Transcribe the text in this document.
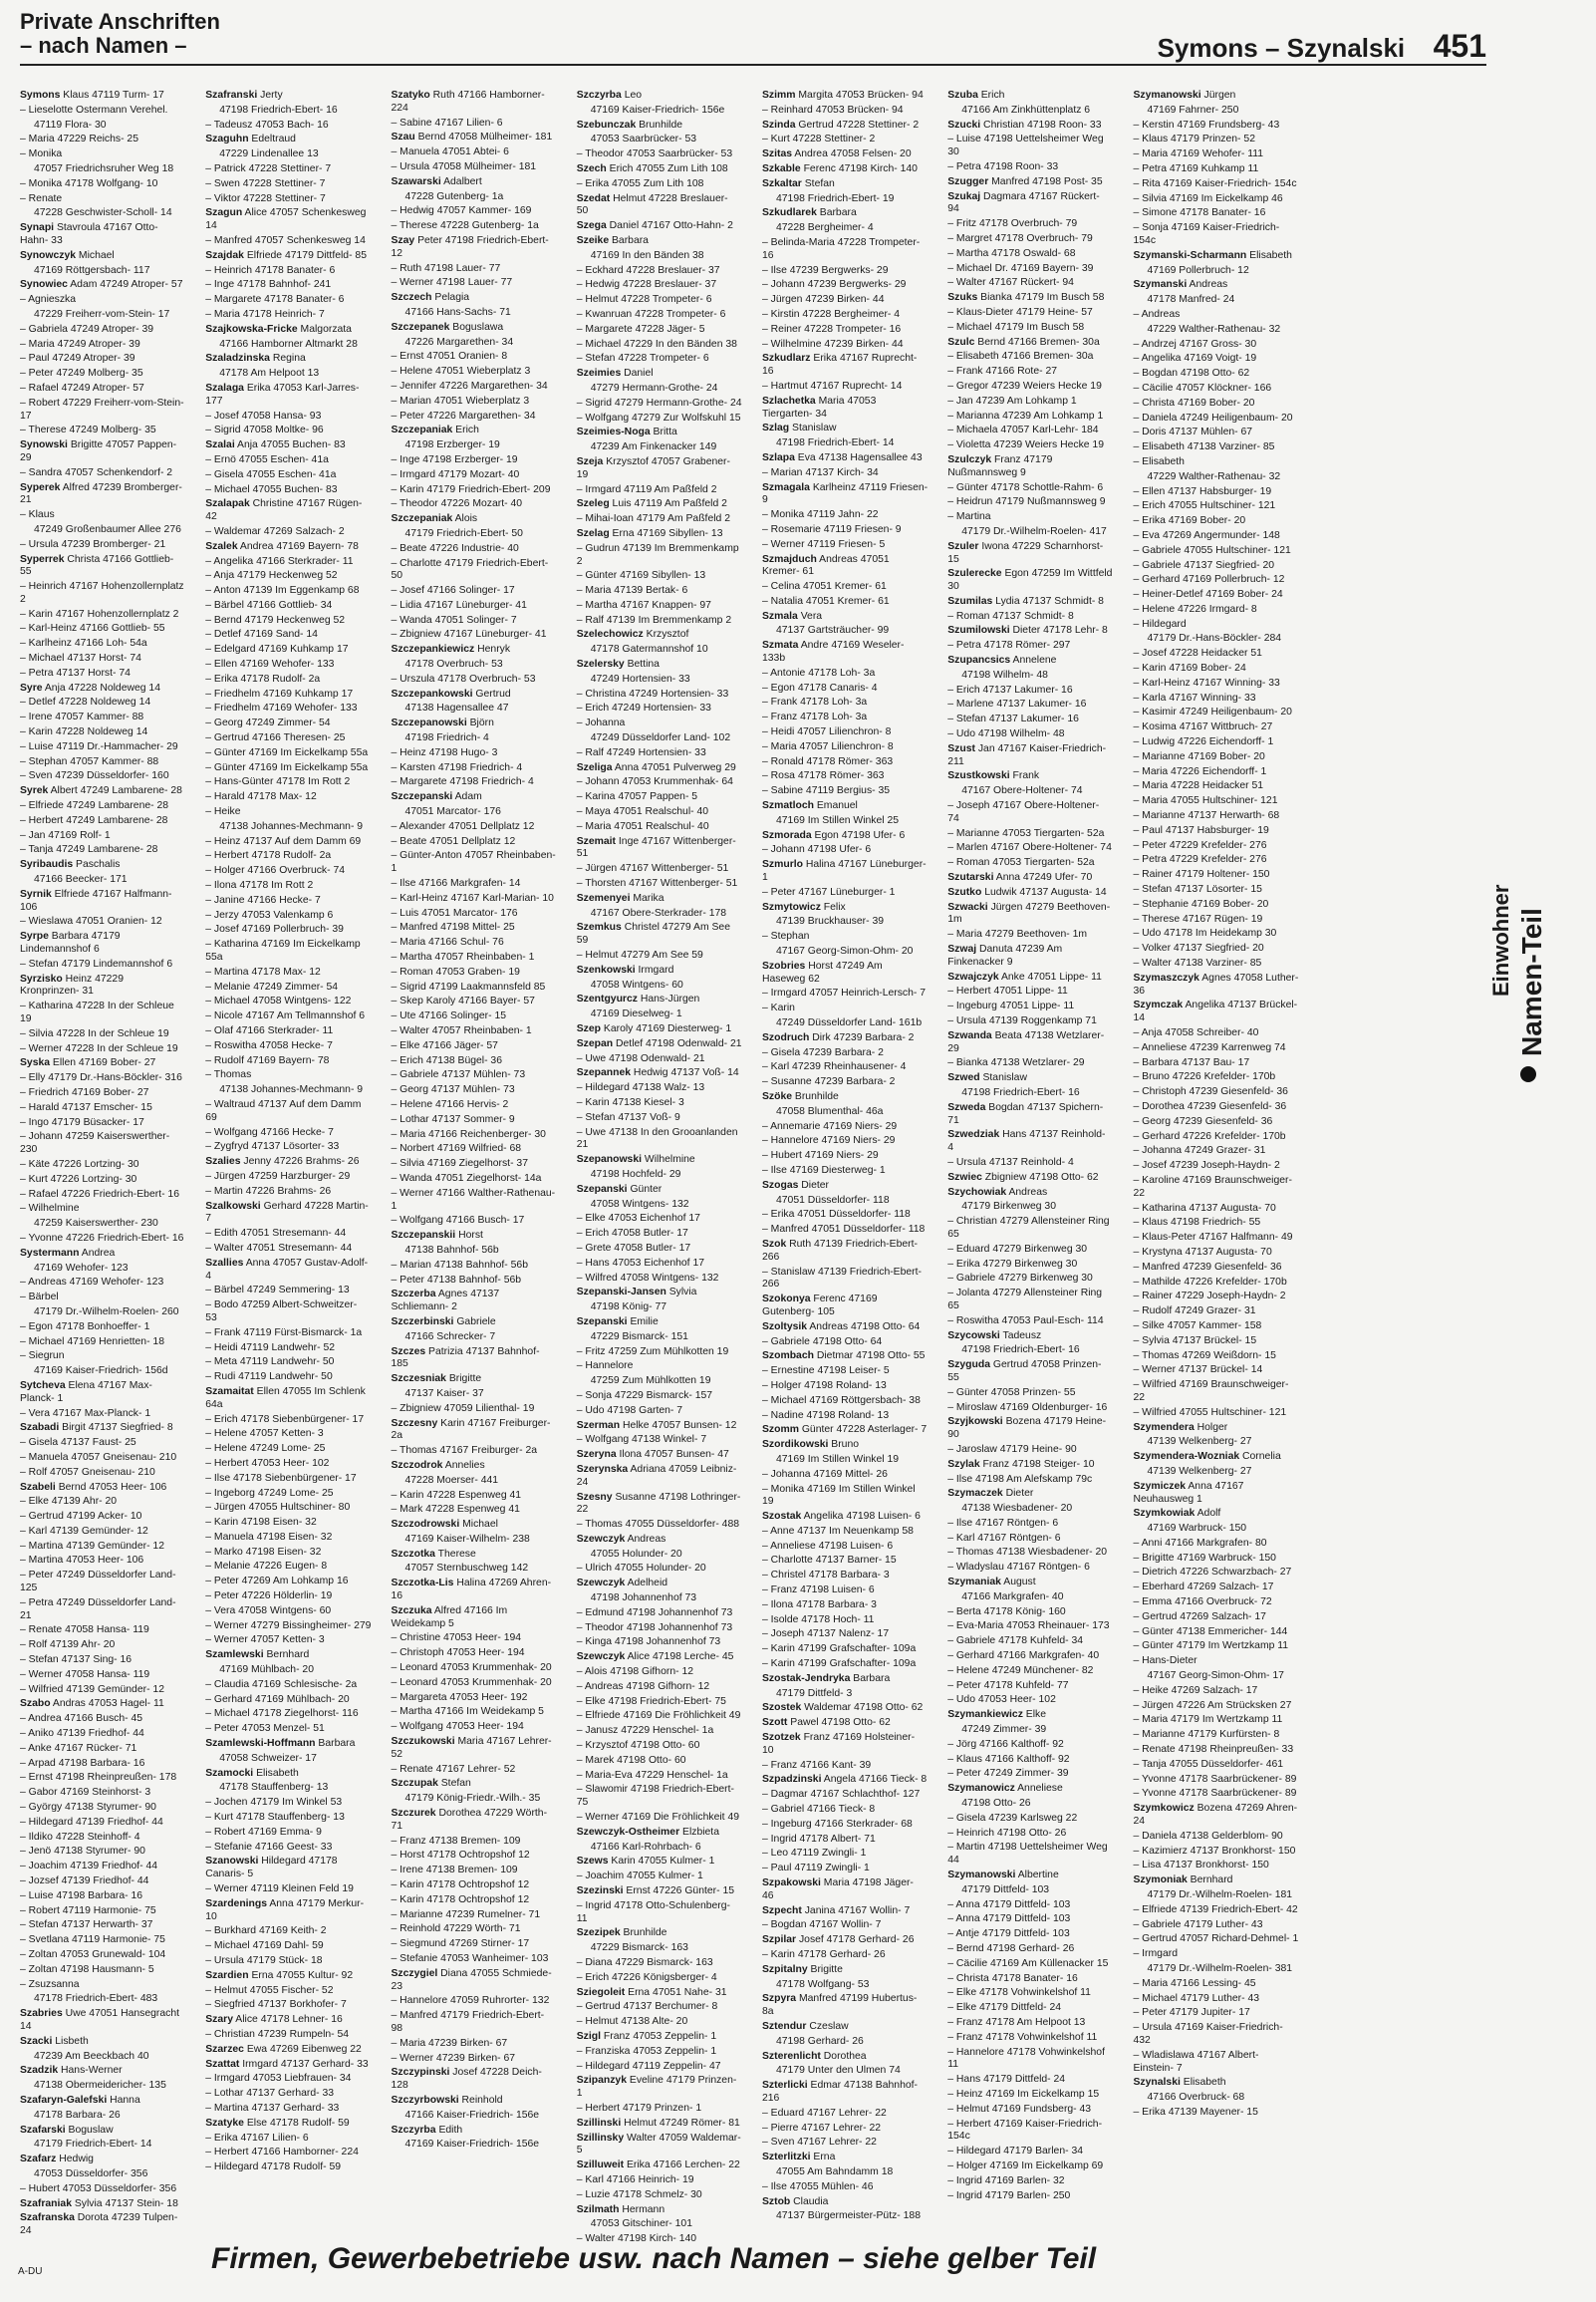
Private Anschriften
– nach Namen –	Symons – Szynalski 451
Symons Klaus 47119 Turm- 17
– Lieselotte Ostermann Verehel.
47119 Flora- 30
– Maria 47229 Reichs- 25
– Monika
47057 Friedrichsruher Weg 18
– Monika 47178 Wolfgang- 10
– Renate
47228 Geschwister-Scholl- 14
Synapi Stavroula 47167 Otto-Hahn- 33
Synowczyk Michael
47169 Röttgersbach- 117
Synowiec Adam 47249 Atroper- 57
– Agnieszka
47229 Freiherr-vom-Stein- 17
– Gabriela 47249 Atroper- 39
– Maria 47249 Atroper- 39
– Paul 47249 Atroper- 39
– Peter 47249 Molberg- 35
– Rafael 47249 Atroper- 57
– Robert 47229 Freiherr-vom-Stein- 17
– Therese 47249 Molberg- 35
Synowski Brigitte 47057 Pappen- 29
– Sandra 47057 Schenkendorf- 2
Syperek Alfred 47239 Bromberger- 21
– Klaus
47249 Großenbaumer Allee 276
– Ursula 47239 Bromberger- 21
Syperrek Christa 47166 Gottlieb- 55
– Heinrich 47167 Hohenzollernplatz 2
– Karin 47167 Hohenzollernplatz 2
– Karl-Heinz 47166 Gottlieb- 55
– Karlheinz 47166 Loh- 54a
– Michael 47137 Horst- 74
– Petra 47137 Horst- 74
Syre Anja 47228 Noldeweg 14
– Detlef 47228 Noldeweg 14
– Irene 47057 Kammer- 88
– Karin 47228 Noldeweg 14
– Luise 47119 Dr.-Hammacher- 29
– Stephan 47057 Kammer- 88
– Sven 47239 Düsseldorfer- 160
Syrek Albert 47249 Lambarene- 28
– Elfriede 47249 Lambarene- 28
– Herbert 47249 Lambarene- 28
– Jan 47169 Rolf- 1
– Tanja 47249 Lambarene- 28
Syribaudis Paschalis
47166 Beecker- 171
Syrnik Elfriede 47167 Halfmann- 106
– Wieslawa 47051 Oranien- 12
Syrpe Barbara 47179 Lindemannshof 6
– Stefan 47179 Lindemannshof 6
Syrzisko Heinz 47229 Kronprinzen- 31
– Katharina 47228 In der Schleue 19
– Silvia 47228 In der Schleue 19
– Werner 47228 In der Schleue 19
Syska Ellen 47169 Bober- 27
– Elly 47179 Dr.-Hans-Böckler- 316
– Friedrich 47169 Bober- 27
– Harald 47137 Emscher- 15
– Ingo 47179 Büsacker- 17
– Johann 47259 Kaiserswerther- 230
– Käte 47226 Lortzing- 30
– Kurt 47226 Lortzing- 30
– Rafael 47226 Friedrich-Ebert- 16
– Wilhelmine
47259 Kaiserswerther- 230
– Yvonne 47226 Friedrich-Ebert- 16
Systermann Andrea
47169 Wehofer- 123
– Andreas 47169 Wehofer- 123
– Bärbel
47179 Dr.-Wilhelm-Roelen- 260
– Egon 47178 Bonhoeffer- 1
– Michael 47169 Henrietten- 18
– Siegrun
47169 Kaiser-Friedrich- 156d
Sytcheva Elena 47167 Max-Planck- 1
– Vera 47167 Max-Planck- 1
Szabadi Birgit 47137 Siegfried- 8
– Gisela 47137 Faust- 25
– Manuela 47057 Gneisenau- 210
– Rolf 47057 Gneisenau- 210
Szabeli Bernd 47053 Heer- 106
– Elke 47139 Ahr- 20
– Gertrud 47199 Acker- 10
– Karl 47139 Gemünder- 12
– Martina 47139 Gemünder- 12
– Martina 47053 Heer- 106
– Peter 47249 Düsseldorfer Land- 125
– Petra 47249 Düsseldorfer Land- 21
– Renate 47058 Hansa- 119
– Rolf 47139 Ahr- 20
– Stefan 47137 Sing- 16
– Werner 47058 Hansa- 119
– Wilfried 47139 Gemünder- 12
Szabo Andras 47053 Hagel- 11
– Andrea 47166 Busch- 45
– Aniko 47139 Friedhof- 44
– Anke 47167 Rücker- 71
– Arpad 47198 Barbara- 16
– Ernst 47198 Rheinpreußen- 178
– Gabor 47169 Steinhorst- 3
– György 47138 Styrumer- 90
– Hildegard 47139 Friedhof- 44
– Ildiko 47228 Steinhoff- 4
– Jenö 47138 Styrumer- 90
– Joachim 47139 Friedhof- 44
– Jozsef 47139 Friedhof- 44
– Luise 47198 Barbara- 16
– Robert 47119 Harmonie- 75
– Stefan 47137 Herwarth- 37
– Svetlana 47119 Harmonie- 75
– Zoltan 47053 Grunewald- 104
– Zoltan 47198 Hausmann- 5
– Zsuzsanna
47178 Friedrich-Ebert- 483
Szabries Uwe 47051 Hansegracht 14
Szacki Lisbeth
47239 Am Beeckbach 40
Szadzik Hans-Werner
47138 Obermeidericher- 135
Szafaryn-Galefski Hanna
47178 Barbara- 26
Szafarski Boguslaw
47179 Friedrich-Ebert- 14
Szafarz Hedwig
47053 Düsseldorfer- 356
– Hubert 47053 Düsseldorfer- 356
Szafraniak Sylvia 47137 Stein- 18
Szafranska Dorota 47239 Tulpen- 24
Szafranski Jerty
47198 Friedrich-Ebert- 16
– Tadeusz 47053 Bach- 16
Szaguhn Edeltraud
47229 Lindenallee 13
– Patrick 47228 Stettiner- 7
– Swen 47228 Stettiner- 7
– Viktor 47228 Stettiner- 7
Szagun Alice 47057 Schenkesweg 14
– Manfred 47057 Schenkesweg 14
Szajdak Elfriede 47179 Dittfeld- 85
– Heinrich 47178 Banater- 6
– Inge 47178 Bahnhof- 241
– Margarete 47178 Banater- 6
– Maria 47178 Heinrich- 7
Szajkowska-Fricke Malgorzata
47166 Hamborner Altmarkt 28
Szaladzinska Regina
47178 Am Helpoot 13
Szalaga Erika 47053 Karl-Jarres- 177
– Josef 47058 Hansa- 93
– Sigrid 47058 Moltke- 96
Szalai Anja 47055 Buchen- 83
– Ernö 47055 Eschen- 41a
– Gisela 47055 Eschen- 41a
– Michael 47055 Buchen- 83
Szalapak Christine 47167 Rügen- 42
– Waldemar 47269 Salzach- 2
Szalek Andrea 47169 Bayern- 78
– Angelika 47166 Sterkrader- 11
– Anja 47179 Heckenweg 52
– Anton 47139 Im Eggenkamp 68
– Bärbel 47166 Gottlieb- 34
– Bernd 47179 Heckenweg 52
– Detlef 47169 Sand- 14
– Edelgard 47169 Kuhkamp 17
– Ellen 47169 Wehofer- 133
– Erika 47178 Rudolf- 2a
– Friedhelm 47169 Kuhkamp 17
– Friedhelm 47169 Wehofer- 133
– Georg 47249 Zimmer- 54
– Gertrud 47166 Theresen- 25
– Günter 47169 Im Eickelkamp 55a
– Günter 47169 Im Eickelkamp 55a
– Hans-Günter 47178 Im Rott 2
– Harald 47178 Max- 12
– Heike
47138 Johannes-Mechmann- 9
– Heinz 47137 Auf dem Damm 69
– Herbert 47178 Rudolf- 2a
– Holger 47166 Overbruck- 74
– Ilona 47178 Im Rott 2
– Janine 47166 Hecke- 7
– Jerzy 47053 Valenkamp 6
– Josef 47169 Pollerbruch- 39
– Katharina 47169 Im Eickelkamp 55a
– Martina 47178 Max- 12
– Melanie 47249 Zimmer- 54
– Michael 47058 Wintgens- 122
– Nicole 47167 Am Tellmannshof 6
– Olaf 47166 Sterkrader- 11
– Roswitha 47058 Hecke- 7
– Rudolf 47169 Bayern- 78
– Thomas
47138 Johannes-Mechmann- 9
– Waltraud 47137 Auf dem Damm 69
– Wolfgang 47166 Hecke- 7
– Zygfryd 47137 Lösorter- 33
Szalies Jenny 47226 Brahms- 26
– Jürgen 47259 Harzburger- 29
– Martin 47226 Brahms- 26
Szalkowski Gerhard 47228 Martin- 7
– Edith 47051 Stresemann- 44
– Walter 47051 Stresemann- 44
Szallies Anna 47057 Gustav-Adolf- 4
– Bärbel 47249 Semmering- 13
– Bodo 47259 Albert-Schweitzer- 53
– Frank 47119 Fürst-Bismarck- 1a
– Heidi 47119 Landwehr- 52
– Meta 47119 Landwehr- 50
– Rudi 47119 Landwehr- 50
Szamaitat Ellen 47055 Im Schlenk 64a
– Erich 47178 Siebenbürgener- 17
– Helene 47057 Ketten- 3
– Helene 47249 Lome- 25
– Herbert 47053 Heer- 102
– Ilse 47178 Siebenbürgener- 17
– Ingeborg 47249 Lome- 25
– Jürgen 47055 Hultschiner- 80
– Karin 47198 Eisen- 32
– Manuela 47198 Eisen- 32
– Marko 47198 Eisen- 32
– Melanie 47226 Eugen- 8
– Peter 47269 Am Lohkamp 16
– Peter 47226 Hölderlin- 19
– Vera 47058 Wintgens- 60
– Werner 47279 Bissingheimer- 279
– Werner 47057 Ketten- 3
Szamlewski Bernhard
47169 Mühlbach- 20
– Claudia 47169 Schlesische- 2a
– Gerhard 47169 Mühlbach- 20
– Michael 47178 Ziegelhorst- 116
– Peter 47053 Menzel- 51
Szamlewski-Hoffmann Barbara
47058 Schweizer- 17
Szamocki Elisabeth
47178 Stauffenberg- 13
– Jochen 47179 Im Winkel 53
– Kurt 47178 Stauffenberg- 13
– Robert 47169 Emma- 9
– Stefanie 47166 Geest- 33
Szanowski Hildegard 47178 Canaris- 5
– Werner 47119 Kleinen Feld 19
Szardenings Anna 47179 Merkur- 10
– Burkhard 47169 Keith- 2
– Michael 47169 Dahl- 59
– Ursula 47179 Stück- 18
Szardien Erna 47055 Kultur- 92
– Helmut 47055 Fischer- 52
– Siegfried 47137 Borkhofer- 7
Szary Alice 47178 Lehner- 16
– Christian 47239 Rumpeln- 54
Szarzec Ewa 47269 Eibenweg 22
Szattat Irmgard 47137 Gerhard- 33
– Irmgard 47053 Liebfrauen- 34
– Lothar 47137 Gerhard- 33
– Martina 47137 Gerhard- 33
Szatyke Else 47178 Rudolf- 59
– Erika 47167 Lilien- 6
– Herbert 47166 Hamborner- 224
– Hildegard 47178 Rudolf- 59
Szatyko Ruth 47166 Hamborner- 224
– Sabine 47167 Lilien- 6
Szau Bernd 47058 Mülheimer- 181
– Manuela 47051 Abtei- 6
– Ursula 47058 Mülheimer- 181
Szawarski Adalbert
47228 Gutenberg- 1a
– Hedwig 47057 Kammer- 169
– Therese 47228 Gutenberg- 1a
Szay Peter 47198 Friedrich-Ebert- 12
– Ruth 47198 Lauer- 77
– Werner 47198 Lauer- 77
Szczech Pelagia
47166 Hans-Sachs- 71
Szczepanek Boguslawa
47226 Margarethen- 34
– Ernst 47051 Oranien- 8
– Helene 47051 Wieberplatz 3
– Jennifer 47226 Margarethen- 34
– Marian 47051 Wieberplatz 3
– Peter 47226 Margarethen- 34
Szczepaniak Erich
47198 Erzberger- 19
– Inge 47198 Erzberger- 19
– Irmgard 47179 Mozart- 40
– Karin 47179 Friedrich-Ebert- 209
– Theodor 47226 Mozart- 40
Szczepaniak Alois
47179 Friedrich-Ebert- 50
– Beate 47226 Industrie- 40
– Charlotte 47179 Friedrich-Ebert- 50
– Josef 47166 Solinger- 17
– Lidia 47167 Lüneburger- 41
– Wanda 47051 Solinger- 7
– Zbigniew 47167 Lüneburger- 41
Szczepankiewicz Henryk
47178 Overbruch- 53
– Urszula 47178 Overbruch- 53
Szczepankowski Gertrud
47138 Hagensallee 47
Szczepanowski Björn
47198 Friedrich- 4
– Heinz 47198 Hugo- 3
– Karsten 47198 Friedrich- 4
– Margarete 47198 Friedrich- 4
Szczepanski Adam
47051 Marcator- 176
– Alexander 47051 Dellplatz 12
– Beate 47051 Dellplatz 12
– Günter-Anton 47057 Rheinbaben- 1
– Ilse 47166 Markgrafen- 14
– Karl-Heinz 47167 Karl-Marian- 10
– Luis 47051 Marcator- 176
– Manfred 47198 Mittel- 25
– Maria 47166 Schul- 76
– Martha 47057 Rheinbaben- 1
– Roman 47053 Graben- 19
– Sigrid 47199 Laakmannsfeld 85
– Skep Karoly 47166 Bayer- 57
– Ute 47166 Solinger- 15
– Walter 47057 Rheinbaben- 1
– Elke 47166 Jäger- 57
– Erich 47138 Bügel- 36
– Gabriele 47137 Mühlen- 73
– Georg 47137 Mühlen- 73
– Helene 47166 Hervis- 2
– Lothar 47137 Sommer- 9
– Maria 47166 Reichenberger- 30
– Norbert 47169 Wilfried- 68
– Silvia 47169 Ziegelhorst- 37
– Wanda 47051 Ziegelhorst- 14a
– Werner 47166 Walther-Rathenau- 1
– Wolfgang 47166 Busch- 17
Szczepanskii Horst
47138 Bahnhof- 56b
– Marian 47138 Bahnhof- 56b
– Peter 47138 Bahnhof- 56b
Szczerba Agnes 47137 Schliemann- 2
Szczerbinski Gabriele
47166 Schrecker- 7
Szczes Patrizia 47137 Bahnhof- 185
Szczesniak Brigitte
47137 Kaiser- 37
– Zbigniew 47059 Lilienthal- 19
Szczesny Karin 47167 Freiburger- 2a
– Thomas 47167 Freiburger- 2a
Szczodrok Annelies
47228 Moerser- 441
– Karin 47228 Espenweg 41
– Mark 47228 Espenweg 41
Szczodrowski Michael
47169 Kaiser-Wilhelm- 238
Szczotka Therese
47057 Sternbuschweg 142
Szczotka-Lis Halina 47269 Ahren- 16
Szczuka Alfred 47166 Im Weidekamp 5
– Christine 47053 Heer- 194
– Christoph 47053 Heer- 194
– Leonard 47053 Krummenhak- 20
– Leonard 47053 Krummenhak- 20
– Margareta 47053 Heer- 192
– Martha 47166 Im Weidekamp 5
– Wolfgang 47053 Heer- 194
Szczukowski Maria 47167 Lehrer- 52
– Renate 47167 Lehrer- 52
Szczupak Stefan
47179 König-Friedr.-Wilh.- 35
Szczurek Dorothea 47229 Wörth- 71
– Franz 47138 Bremen- 109
– Horst 47178 Ochtropshof 12
– Irene 47138 Bremen- 109
– Karin 47178 Ochtropshof 12
– Karin 47178 Ochtropshof 12
– Marianne 47239 Rumelner- 71
– Reinhold 47229 Wörth- 71
– Siegmund 47269 Stirner- 17
– Stefanie 47053 Wanheimer- 103
Szczygiel Diana 47055 Schmiede- 23
– Hannelore 47059 Ruhrorter- 132
– Manfred 47179 Friedrich-Ebert- 98
– Maria 47239 Birken- 67
– Werner 47239 Birken- 67
Szczypinski Josef 47228 Deich- 128
Szczyrbowski Reinhold
47166 Kaiser-Friedrich- 156e
Szczyrba Edith
47169 Kaiser-Friedrich- 156e
Szczyrba Leo
47169 Kaiser-Friedrich- 156e
Szebunczak Brunhilde
47053 Saarbrücker- 53
– Theodor 47053 Saarbrücker- 53
Szech Erich 47055 Zum Lith 108
– Erika 47055 Zum Lith 108
Szedat Helmut 47228 Breslauer- 50
Szega Daniel 47167 Otto-Hahn- 2
Szeike Barbara
47169 In den Bänden 38
– Eckhard 47228 Breslauer- 37
– Hedwig 47228 Breslauer- 37
– Helmut 47228 Trompeter- 6
– Kwanruan 47228 Trompeter- 6
– Margarete 47228 Jäger- 5
– Michael 47229 In den Bänden 38
– Stefan 47228 Trompeter- 6
Szeimies Daniel
47279 Hermann-Grothe- 24
– Sigrid 47279 Hermann-Grothe- 24
– Wolfgang 47279 Zur Wolfskuhl 15
Szeimies-Noga Britta
47239 Am Finkenacker 149
Szeja Krzysztof 47057 Grabener- 19
– Irmgard 47119 Am Paßfeld 2
Szeleg Luis 47119 Am Paßfeld 2
– Mihai-Ioan 47179 Am Paßfeld 2
Szelag Erna 47169 Sibyllen- 13
– Gudrun 47139 Im Bremmenkamp 2
– Günter 47169 Sibyllen- 13
– Maria 47139 Bertak- 6
– Martha 47167 Knappen- 97
– Ralf 47139 Im Bremmenkamp 2
Szelechowicz Krzysztof
47178 Gatermannshof 10
Szelersky Bettina
47249 Hortensien- 33
– Christina 47249 Hortensien- 33
– Erich 47249 Hortensien- 33
– Johanna
47249 Düsseldorfer Land- 102
– Ralf 47249 Hortensien- 33
Szeliga Anna 47051 Pulverweg 29
– Johann 47053 Krummenhak- 64
– Karina 47057 Pappen- 5
– Maya 47051 Realschul- 40
– Maria 47051 Realschul- 40
Szemait Inge 47167 Wittenberger- 51
– Jürgen 47167 Wittenberger- 51
– Thorsten 47167 Wittenberger- 51
Szemenyei Marika
47167 Obere-Sterkrader- 178
Szemkus Christel 47279 Am See 59
– Helmut 47279 Am See 59
Szenkowski Irmgard
47058 Wintgens- 60
Szentgyurcz Hans-Jürgen
47169 Dieselweg- 1
Szep Karoly 47169 Diesterweg- 1
Szepan Detlef 47198 Odenwald- 21
– Uwe 47198 Odenwald- 21
Szepannek Hedwig 47137 Voß- 14
– Hildegard 47138 Walz- 13
– Karin 47138 Kiesel- 3
– Stefan 47137 Voß- 9
– Uwe 47138 In den Grooanlanden 21
Szepanowski Wilhelmine
47198 Hochfeld- 29
Szepanski Günter
47058 Wintgens- 132
– Elke 47053 Eichenhof 17
– Erich 47058 Butler- 17
– Grete 47058 Butler- 17
– Hans 47053 Eichenhof 17
– Wilfred 47058 Wintgens- 132
Szepanski-Jansen Sylvia
47198 König- 77
Szepanski Emilie
47229 Bismarck- 151
– Fritz 47259 Zum Mühlkotten 19
– Hannelore
47259 Zum Mühlkotten 19
– Sonja 47229 Bismarck- 157
– Udo 47198 Garten- 7
Szerman Helke 47057 Bunsen- 12
– Wolfgang 47138 Winkel- 7
Szeryna Ilona 47057 Bunsen- 47
Szerynska Adriana 47059 Leibniz- 24
Szesny Susanne 47198 Lothringer- 22
– Thomas 47055 Düsseldorfer- 488
Szewczyk Andreas
47055 Holunder- 20
– Ulrich 47055 Holunder- 20
Szewczyk Adelheid
47198 Johannenhof 73
– Edmund 47198 Johannenhof 73
– Theodor 47198 Johannenhof 73
– Kinga 47198 Johannenhof 73
Szewczyk Alice 47198 Lerche- 45
– Alois 47198 Gifhorn- 12
– Andreas 47198 Gifhorn- 12
– Elke 47198 Friedrich-Ebert- 75
– Elfriede 47169 Die Fröhlichkeit 49
– Janusz 47229 Henschel- 1a
– Krzysztof 47198 Otto- 60
– Marek 47198 Otto- 60
– Maria-Eva 47229 Henschel- 1a
– Slawomir 47198 Friedrich-Ebert- 75
– Werner 47169 Die Fröhlichkeit 49
Szewczyk-Ostheimer Elzbieta
47166 Karl-Rohrbach- 6
Szews Karin 47055 Kulmer- 1
– Joachim 47055 Kulmer- 1
Szezinski Ernst 47226 Günter- 15
– Ingrid 47178 Otto-Schulenberg- 11
Szezipek Brunhilde
47229 Bismarck- 163
– Diana 47229 Bismarck- 163
– Erich 47226 Königsberger- 4
Sziegoleit Erna 47051 Nahe- 31
– Gertrud 47137 Berchumer- 8
– Helmut 47138 Alte- 20
Szigl Franz 47053 Zeppelin- 1
– Franziska 47053 Zeppelin- 1
– Hildegard 47119 Zeppelin- 47
Szipanzyk Eveline 47179 Prinzen- 1
– Herbert 47179 Prinzen- 1
Szillinski Helmut 47249 Römer- 81
Szillinsky Walter 47059 Waldemar- 5
Szilluweit Erika 47166 Lerchen- 22
– Karl 47166 Heinrich- 19
– Luzie 47178 Schmelz- 30
Szilmath Hermann
47053 Gitschiner- 101
– Walter 47198 Kirch- 140
Szimm Margita 47053 Brücken- 94
– Reinhard 47053 Brücken- 94
Szinda Gertrud 47228 Stettiner- 2
– Kurt 47228 Stettiner- 2
Szitas Andrea 47058 Felsen- 20
Szkable Ferenc 47198 Kirch- 140
Szkaltar Stefan
47198 Friedrich-Ebert- 19
Szkudlarek Barbara
47228 Bergheimer- 4
– Belinda-Maria 47228 Trompeter- 16
– Ilse 47239 Bergwerks- 29
– Johann 47239 Bergwerks- 29
– Jürgen 47239 Birken- 44
– Kirstin 47228 Bergheimer- 4
– Reiner 47228 Trompeter- 16
– Wilhelmine 47239 Birken- 44
Szkudlarz Erika 47167 Ruprecht- 16
– Hartmut 47167 Ruprecht- 14
Szlachetka Maria 47053 Tiergarten- 34
Szlag Stanislaw
47198 Friedrich-Ebert- 14
Szlapa Eva 47138 Hagensallee 43
– Marian 47137 Kirch- 34
Szmagala Karlheinz 47119 Friesen- 9
– Monika 47119 Jahn- 22
– Rosemarie 47119 Friesen- 9
– Werner 47119 Friesen- 5
Szmajduch Andreas 47051 Kremer- 61
– Celina 47051 Kremer- 61
– Natalia 47051 Kremer- 61
Szmala Vera
47137 Gartsträucher- 99
Szmata Andre 47169 Weseler- 133b
– Antonie 47178 Loh- 3a
– Egon 47178 Canaris- 4
– Frank 47178 Loh- 3a
– Franz 47178 Loh- 3a
– Heidi 47057 Lilienchron- 8
– Maria 47057 Lilienchron- 8
– Ronald 47178 Römer- 363
– Rosa 47178 Römer- 363
– Sabine 47119 Bergius- 35
Szmatloch Emanuel
47169 Im Stillen Winkel 25
Szmorada Egon 47198 Ufer- 6
– Johann 47198 Ufer- 6
Szmurlo Halina 47167 Lüneburger- 1
– Peter 47167 Lüneburger- 1
Szmytowicz Felix
47139 Bruckhauser- 39
– Stephan
47167 Georg-Simon-Ohm- 20
Szobries Horst 47249 Am Haseweg 62
– Irmgard 47057 Heinrich-Lersch- 7
– Karin
47249 Düsseldorfer Land- 161b
Szodruch Dirk 47239 Barbara- 2
– Gisela 47239 Barbara- 2
– Karl 47239 Rheinhausener- 4
– Susanne 47239 Barbara- 2
Szöke Brunhilde
47058 Blumenthal- 46a
– Annemarie 47169 Niers- 29
– Hannelore 47169 Niers- 29
– Hubert 47169 Niers- 29
– Ilse 47169 Diesterweg- 1
Szogas Dieter
47051 Düsseldorfer- 118
– Erika 47051 Düsseldorfer- 118
– Manfred 47051 Düsseldorfer- 118
Szok Ruth 47139 Friedrich-Ebert- 266
– Stanislaw 47139 Friedrich-Ebert- 266
Szokonya Ferenc 47169 Gutenberg- 105
Szoltysik Andreas 47198 Otto- 64
– Gabriele 47198 Otto- 64
Szombach Dietmar 47198 Otto- 55
– Ernestine 47198 Leiser- 5
– Holger 47198 Roland- 13
– Michael 47169 Röttgersbach- 38
– Nadine 47198 Roland- 13
Szomm Günter 47228 Asterlager- 7
Szordikowski Bruno
47169 Im Stillen Winkel 19
– Johanna 47169 Mittel- 26
– Monika 47169 Im Stillen Winkel 19
Szostak Angelika 47198 Luisen- 6
– Anne 47137 Im Neuenkamp 58
– Anneliese 47198 Luisen- 6
– Charlotte 47137 Barner- 15
– Christel 47178 Barbara- 3
– Franz 47198 Luisen- 6
– Ilona 47178 Barbara- 3
– Isolde 47178 Hoch- 11
– Joseph 47137 Nalenz- 17
– Karin 47199 Grafschafter- 109a
– Karin 47199 Grafschafter- 109a
Szostak-Jendryka Barbara
47179 Dittfeld- 3
Szostek Waldemar 47198 Otto- 62
Szott Pawel 47198 Otto- 62
Szotzek Franz 47169 Holsteiner- 10
– Franz 47166 Kant- 39
Szpadzinski Angela 47166 Tieck- 8
– Dagmar 47167 Schlachthof- 127
– Gabriel 47166 Tieck- 8
– Ingeburg 47166 Sterkrader- 68
– Ingrid 47178 Albert- 71
– Leo 47119 Zwingli- 1
– Paul 47119 Zwingli- 1
Szpakowski Maria 47198 Jäger- 46
Szpecht Janina 47167 Wollin- 7
– Bogdan 47167 Wollin- 7
Szpilar Josef 47178 Gerhard- 26
– Karin 47178 Gerhard- 26
Szpitalny Brigitte
47178 Wolfgang- 53
Szpyra Manfred 47199 Hubertus- 8a
Sztendur Czeslaw
47198 Gerhard- 26
Szterenlicht Dorothea
47179 Unter den Ulmen 74
Szterlicki Edmar 47138 Bahnhof- 216
– Eduard 47167 Lehrer- 22
– Pierre 47167 Lehrer- 22
– Sven 47167 Lehrer- 22
Szterlitzki Erna
47055 Am Bahndamm 18
– Ilse 47055 Mühlen- 46
Sztob Claudia
47137 Bürgermeister-Pütz- 188
Szuba Erich
47166 Am Zinkhüttenplatz 6
Szucki Christian 47198 Roon- 33
– Luise 47198 Uettelsheimer Weg 30
– Petra 47198 Roon- 33
Szugger Manfred 47198 Post- 35
Szukaj Dagmara 47167 Rückert- 94
– Fritz 47178 Overbruch- 79
– Margret 47178 Overbruch- 79
– Martha 47178 Oswald- 68
– Michael Dr. 47169 Bayern- 39
– Walter 47167 Rückert- 94
Szuks Bianka 47179 Im Busch 58
– Klaus-Dieter 47179 Heine- 57
– Michael 47179 Im Busch 58
Szulc Bernd 47166 Bremen- 30a
– Elisabeth 47166 Bremen- 30a
– Frank 47166 Rote- 27
– Gregor 47239 Weiers Hecke 19
– Jan 47239 Am Lohkamp 1
– Marianna 47239 Am Lohkamp 1
– Michaela 47057 Karl-Lehr- 184
– Violetta 47239 Weiers Hecke 19
Szulczyk Franz 47179 Nußmannsweg 9
– Günter 47178 Schottle-Rahm- 6
– Heidrun 47179 Nußmannsweg 9
– Martina
47179 Dr.-Wilhelm-Roelen- 417
Szuler Iwona 47229 Scharnhorst- 15
Szulerecke Egon 47259 Im Wittfeld 30
Szumilas Lydia 47137 Schmidt- 8
– Roman 47137 Schmidt- 8
Szumilowski Dieter 47178 Lehr- 8
– Petra 47178 Römer- 297
Szupancsics Annelene
47198 Wilhelm- 48
– Erich 47137 Lakumer- 16
– Marlene 47137 Lakumer- 16
– Stefan 47137 Lakumer- 16
– Udo 47198 Wilhelm- 48
Szust Jan 47167 Kaiser-Friedrich- 211
Szustkowski Frank
47167 Obere-Holtener- 74
– Joseph 47167 Obere-Holtener- 74
– Marianne 47053 Tiergarten- 52a
– Marlen 47167 Obere-Holtener- 74
– Roman 47053 Tiergarten- 52a
Szutarski Anna 47249 Ufer- 70
Szutko Ludwik 47137 Augusta- 14
Szwacki Jürgen 47279 Beethoven- 1m
– Maria 47279 Beethoven- 1m
Szwaj Danuta 47239 Am Finkenacker 9
Szwajczyk Anke 47051 Lippe- 11
– Herbert 47051 Lippe- 11
– Ingeburg 47051 Lippe- 11
– Ursula 47139 Roggenkamp 71
Szwanda Beata 47138 Wetzlarer- 29
– Bianka 47138 Wetzlarer- 29
Szwed Stanislaw
47198 Friedrich-Ebert- 16
Szweda Bogdan 47137 Spichern- 71
Szwedziak Hans 47137 Reinhold- 4
– Ursula 47137 Reinhold- 4
Szwiec Zbigniew 47198 Otto- 62
Szychowiak Andreas
47179 Birkenweg 30
– Christian 47279 Allensteiner Ring 65
– Eduard 47279 Birkenweg 30
– Erika 47279 Birkenweg 30
– Gabriele 47279 Birkenweg 30
– Jolanta 47279 Allensteiner Ring 65
– Roswitha 47053 Paul-Esch- 114
Szycowski Tadeusz
47198 Friedrich-Ebert- 16
Szyguda Gertrud 47058 Prinzen- 55
– Günter 47058 Prinzen- 55
– Miroslaw 47169 Oldenburger- 16
Szyjkowski Bozena 47179 Heine- 90
– Jaroslaw 47179 Heine- 90
Szylak Franz 47198 Steiger- 10
– Ilse 47198 Am Alefskamp 79c
Szymaczek Dieter
47138 Wiesbadener- 20
– Ilse 47167 Röntgen- 6
– Karl 47167 Röntgen- 6
– Thomas 47138 Wiesbadener- 20
– Wladyslau 47167 Röntgen- 6
Szymaniak August
47166 Markgrafen- 40
– Berta 47178 König- 160
– Eva-Maria 47053 Rheinauer- 173
– Gabriele 47178 Kuhfeld- 34
– Gerhard 47166 Markgrafen- 40
– Helene 47249 Münchener- 82
– Peter 47178 Kuhfeld- 77
– Udo 47053 Heer- 102
Szymankiewicz Elke
47249 Zimmer- 39
– Jörg 47166 Kalthoff- 92
– Klaus 47166 Kalthoff- 92
– Peter 47249 Zimmer- 39
Szymanowicz Anneliese
47198 Otto- 26
– Gisela 47239 Karlsweg 22
– Heinrich 47198 Otto- 26
– Martin 47198 Uettelsheimer Weg 44
Szymanowski Albertine
47179 Dittfeld- 103
– Anna 47179 Dittfeld- 103
– Anna 47179 Dittfeld- 103
– Antje 47179 Dittfeld- 103
– Bernd 47198 Gerhard- 26
– Cäcilie 47169 Am Küllenacker 15
– Christa 47178 Banater- 16
– Elke 47178 Vohwinkelshof 11
– Elke 47179 Dittfeld- 24
– Franz 47178 Am Helpoot 13
– Franz 47178 Vohwinkelshof 11
– Hannelore 47178 Vohwinkelshof 11
– Hans 47179 Dittfeld- 24
– Heinz 47169 Im Eickelkamp 15
– Helmut 47169 Fundsberg- 43
– Herbert 47169 Kaiser-Friedrich- 154c
– Hildegard 47179 Barlen- 34
– Holger 47169 Im Eickelkamp 69
– Ingrid 47169 Barlen- 32
– Ingrid 47179 Barlen- 250
Szymanowski Jürgen
47169 Fahrner- 250
– Kerstin 47169 Frundsberg- 43
– Klaus 47179 Prinzen- 52
– Maria 47169 Wehofer- 111
– Petra 47169 Kuhkamp 11
– Rita 47169 Kaiser-Friedrich- 154c
– Silvia 47169 Im Eickelkamp 46
– Simone 47178 Banater- 16
– Sonja 47169 Kaiser-Friedrich- 154c
Szymanski-Scharmann Elisabeth
47169 Pollerbruch- 12
Szymanski Andreas
47178 Manfred- 24
– Andreas
47229 Walther-Rathenau- 32
– Andrzej 47167 Gross- 30
– Angelika 47169 Voigt- 19
– Bogdan 47198 Otto- 62
– Cäcilie 47057 Klöckner- 166
– Christa 47169 Bober- 20
– Daniela 47249 Heiligenbaum- 20
– Doris 47137 Mühlen- 67
– Elisabeth 47138 Varziner- 85
– Elisabeth
47229 Walther-Rathenau- 32
– Ellen 47137 Habsburger- 19
– Erich 47055 Hultschiner- 121
– Erika 47169 Bober- 20
– Eva 47269 Angermunder- 148
– Gabriele 47055 Hultschiner- 121
– Gabriele 47137 Siegfried- 20
– Gerhard 47169 Pollerbruch- 12
– Heiner-Detlef 47169 Bober- 24
– Helene 47226 Irmgard- 8
– Hildegard
47179 Dr.-Hans-Böckler- 284
– Josef 47228 Heidacker 51
– Karin 47169 Bober- 24
– Karl-Heinz 47167 Winning- 33
– Karla 47167 Winning- 33
– Kasimir 47249 Heiligenbaum- 20
– Kosima 47167 Wittbruch- 27
– Ludwig 47226 Eichendorff- 1
– Marianne 47169 Bober- 20
– Maria 47226 Eichendorff- 1
– Maria 47228 Heidacker 51
– Maria 47055 Hultschiner- 121
– Marianne 47137 Herwarth- 68
– Paul 47137 Habsburger- 19
– Peter 47229 Krefelder- 276
– Petra 47229 Krefelder- 276
– Rainer 47179 Holtener- 150
– Stefan 47137 Lösorter- 15
– Stephanie 47169 Bober- 20
– Therese 47167 Rügen- 19
– Udo 47178 Im Heidekamp 30
– Volker 47137 Siegfried- 20
– Walter 47138 Varziner- 85
Szymaszczyk Agnes 47058 Luther- 36
Szymczak Angelika 47137 Brückel- 14
– Anja 47058 Schreiber- 40
– Anneliese 47239 Karrenweg 74
– Barbara 47137 Bau- 17
– Bruno 47226 Krefelder- 170b
– Christoph 47239 Giesenfeld- 36
– Dorothea 47239 Giesenfeld- 36
– Georg 47239 Giesenfeld- 36
– Gerhard 47226 Krefelder- 170b
– Johanna 47249 Grazer- 31
– Josef 47239 Joseph-Haydn- 2
– Karoline 47169 Braunschweiger- 22
– Katharina 47137 Augusta- 70
– Klaus 47198 Friedrich- 55
– Klaus-Peter 47167 Halfmann- 49
– Krystyna 47137 Augusta- 70
– Manfred 47239 Giesenfeld- 36
– Mathilde 47226 Krefelder- 170b
– Rainer 47229 Joseph-Haydn- 2
– Rudolf 47249 Grazer- 31
– Silke 47057 Kammer- 158
– Sylvia 47137 Brückel- 15
– Thomas 47269 Weißdorn- 15
– Werner 47137 Brückel- 14
– Wilfried 47169 Braunschweiger- 22
– Wilfried 47055 Hultschiner- 121
Szymendera Holger
47139 Welkenberg- 27
Szymendera-Wozniak Cornelia
47139 Welkenberg- 27
Szymiczek Anna 47167 Neuhausweg 1
Szymkowiak Adolf
47169 Warbruck- 150
– Anni 47166 Markgrafen- 80
– Brigitte 47169 Warbruck- 150
– Dietrich 47226 Schwarzbach- 27
– Eberhard 47269 Salzach- 17
– Emma 47166 Overbruck- 72
– Gertrud 47269 Salzach- 17
– Günter 47138 Emmericher- 144
– Günter 47179 Im Wertzkamp 11
– Hans-Dieter
47167 Georg-Simon-Ohm- 17
– Heike 47269 Salzach- 17
– Jürgen 47226 Am Strücksken 27
– Maria 47179 Im Wertzkamp 11
– Marianne 47179 Kurfürsten- 8
– Renate 47198 Rheinpreußen- 33
– Tanja 47055 Düsseldorfer- 461
– Yvonne 47178 Saarbrückener- 89
– Yvonne 47178 Saarbrückener- 89
Szymkowicz Bozena 47269 Ahren- 24
– Daniela 47138 Gelderblom- 90
– Kazimierz 47137 Bronkhorst- 150
– Lisa 47137 Bronkhorst- 150
Szymoniak Bernhard
47179 Dr.-Wilhelm-Roelen- 181
– Elfriede 47139 Friedrich-Ebert- 42
– Gabriele 47179 Luther- 43
– Gertrud 47057 Richard-Dehmel- 1
– Irmgard
47179 Dr.-Wilhelm-Roelen- 381
– Maria 47166 Lessing- 45
– Michael 47179 Luther- 43
– Peter 47179 Jupiter- 17
– Ursula 47169 Kaiser-Friedrich- 432
– Wladislawa 47167 Albert-Einstein- 7
Szynalski Elisabeth
47166 Overbruck- 68
– Erika 47139 Mayener- 15
Einwohner Namen-Teil
A-DU	Firmen, Gewerbebetriebe usw. nach Namen – siehe gelber Teil
